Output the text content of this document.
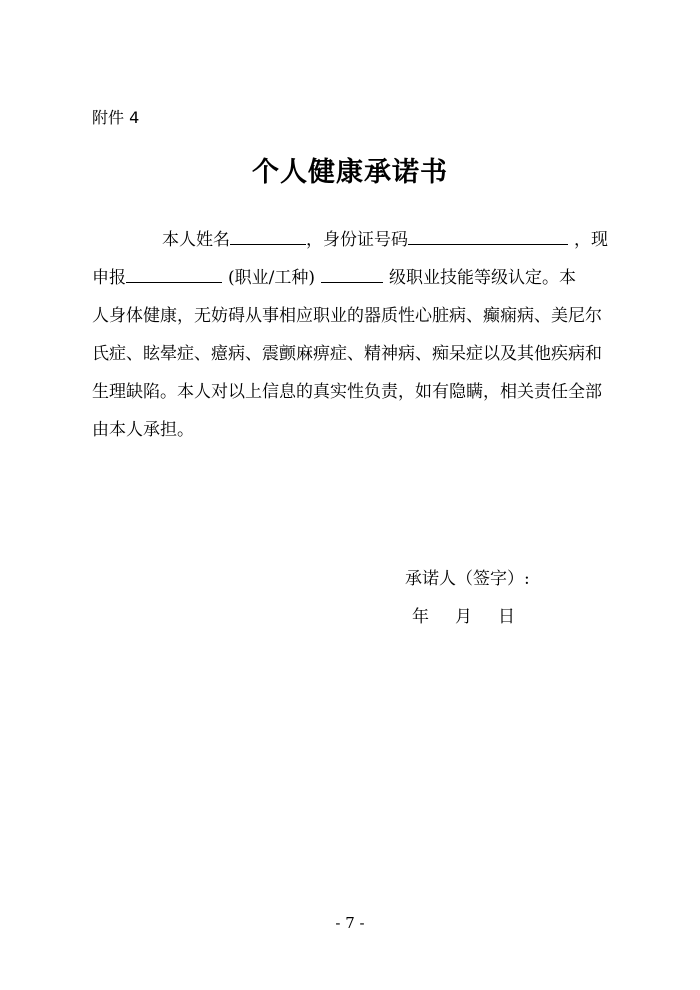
附件 4
个人健康承诺书
本人姓名	，身份证号码	，现
申报	(职业/工种)	级职业技能等级认定。本
人身体健康，无妨碍从事相应职业的器质性心脏病、癫痫病、美尼尔
氏症、眩晕症、癔病、震颤麻痹症、精神病、痴呆症以及其他疾病和
生理缺陷。本人对以上信息的真实性负责，如有隐瞒，相关责任全部
由本人承担。
承诺人（签字）:
年 月 日
- 7 -
